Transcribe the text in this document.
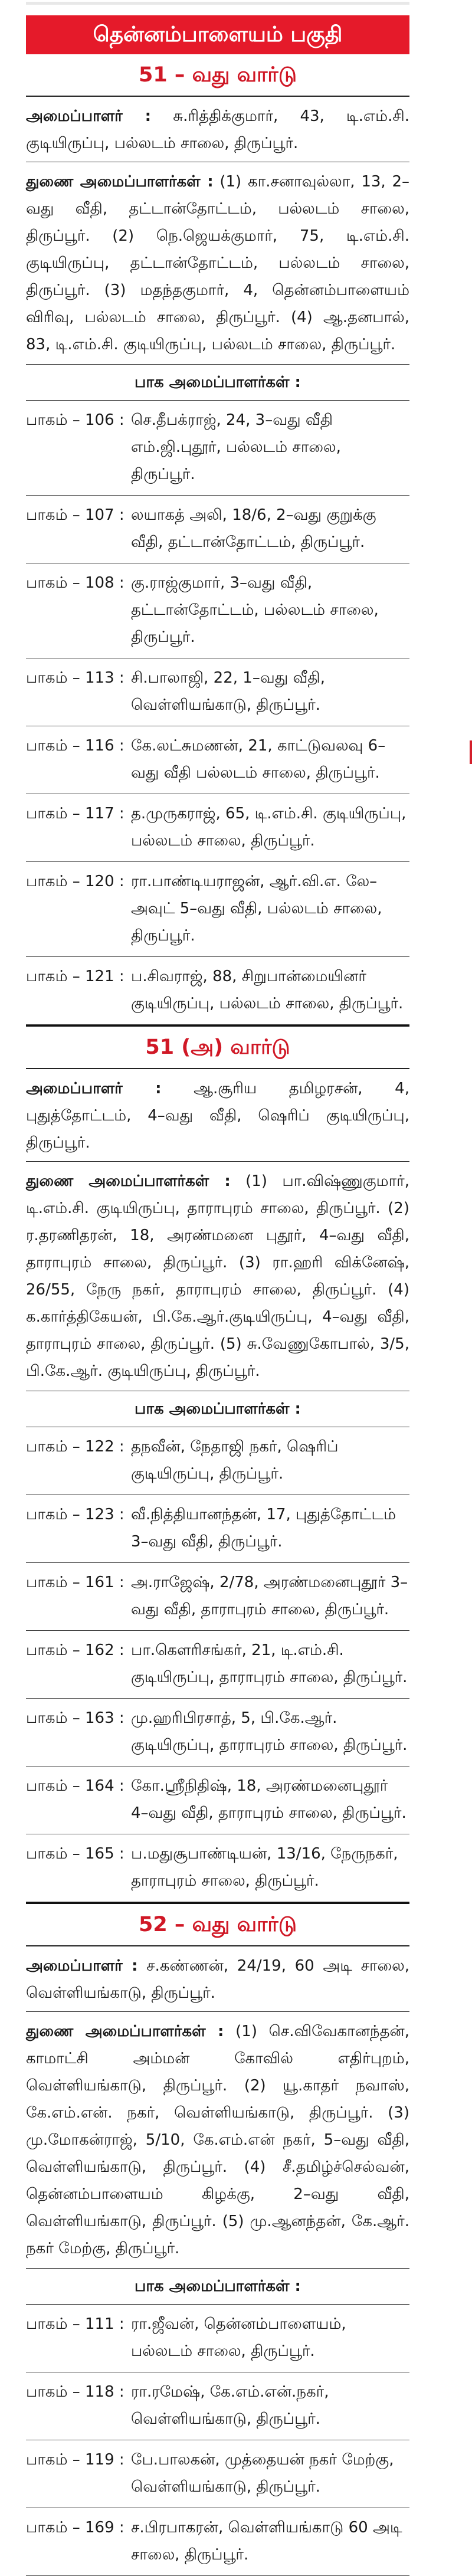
தென்னம்பாளையம் பகுதி
51 – வது வார்டு

அமைப்பாளர் : சு.ரித்திக்குமார், 43, டி.எம்.சி. குடியிருப்பு, பல்லடம் சாலை, திருப்பூர்.

துணை அமைப்பாளர்கள் : (1) கா.சனாவுல்லா, 13, 2–வது வீதி, தட்டான்தோட்டம், பல்லடம் சாலை, திருப்பூர். (2) நெ.ஜெயக்குமார், 75, டி.எம்.சி. குடியிருப்பு, தட்டான்தோட்டம், பல்லடம் சாலை, திருப்பூர். (3) மதந்தகுமார், 4, தென்னம்பாளையம் விரிவு, பல்லடம் சாலை, திருப்பூர். (4) ஆ.தனபால், 83, டி.எம்.சி. குடியிருப்பு, பல்லடம் சாலை, திருப்பூர்.

பாக அமைப்பாளர்கள் :
பாகம் – 106 : செ.தீபக்ராஜ், 24, 3–வது வீதி எம்.ஜி.புதூர், பல்லடம் சாலை, திருப்பூர்.
பாகம் – 107 : லயாகத் அலி, 18/6, 2–வது குறுக்கு வீதி, தட்டான்தோட்டம், திருப்பூர்.
பாகம் – 108 : கு.ராஜ்குமார், 3–வது வீதி, தட்டான்தோட்டம், பல்லடம் சாலை, திருப்பூர்.
பாகம் – 113 : சி.பாலாஜி, 22, 1–வது வீதி, வெள்ளியங்காடு, திருப்பூர்.
பாகம் – 116 : கே.லட்சுமணன், 21, காட்டுவலவு 6–வது வீதி பல்லடம் சாலை, திருப்பூர்.
பாகம் – 117 : த.முருகராஜ், 65, டி.எம்.சி. குடியிருப்பு, பல்லடம் சாலை, திருப்பூர்.
பாகம் – 120 : ரா.பாண்டியராஜன், ஆர்.வி.எ. லே–அவுட் 5–வது வீதி, பல்லடம் சாலை, திருப்பூர்.
பாகம் – 121 : ப.சிவராஜ், 88, சிறுபான்மையினர் குடியிருப்பு, பல்லடம் சாலை, திருப்பூர்.
51 (அ) வார்டு

அமைப்பாளர் : ஆ.சூரிய தமிழரசன், 4, புதுத்தோட்டம், 4–வது வீதி, ஷெரிப் குடியிருப்பு, திருப்பூர்.

துணை அமைப்பாளர்கள் : (1) பா.விஷ்ணுகுமார், டி.எம்.சி. குடியிருப்பு, தாராபுரம் சாலை, திருப்பூர். (2) ர.தரணிதரன், 18, அரண்மனை புதூர், 4–வது வீதி, தாராபுரம் சாலை, திருப்பூர். (3) ரா.ஹரி விக்னேஷ், 26/55, நேரு நகர், தாராபுரம் சாலை, திருப்பூர். (4) க.கார்த்திகேயன், பி.கே.ஆர்.குடியிருப்பு, 4–வது வீதி, தாராபுரம் சாலை, திருப்பூர். (5) சு.வேணுகோபால், 3/5, பி.கே.ஆர். குடியிருப்பு, திருப்பூர்.

பாக அமைப்பாளர்கள் :
பாகம் – 122 : தநவீன், நேதாஜி நகர், ஷெரிப் குடியிருப்பு, திருப்பூர்.
பாகம் – 123 : வீ.நித்தியானந்தன், 17, புதுத்தோட்டம் 3–வது வீதி, திருப்பூர்.
பாகம் – 161 : அ.ராஜேஷ், 2/78, அரண்மனைபுதூர் 3–வது வீதி, தாராபுரம் சாலை, திருப்பூர்.
பாகம் – 162 : பா.கௌரிசங்கர், 21, டி.எம்.சி. குடியிருப்பு, தாராபுரம் சாலை, திருப்பூர்.
பாகம் – 163 : மு.ஹரிபிரசாத், 5, பி.கே.ஆர். குடியிருப்பு, தாராபுரம் சாலை, திருப்பூர்.
பாகம் – 164 : கோ.ஸ்ரீநிதிஷ், 18, அரண்மனைபுதூர் 4–வது வீதி, தாராபுரம் சாலை, திருப்பூர்.
பாகம் – 165 : ப.மதுசூபாண்டியன், 13/16, நேருநகர், தாராபுரம் சாலை, திருப்பூர்.
52 – வது வார்டு

அமைப்பாளர் : ச.கண்ணன், 24/19, 60 அடி சாலை, வெள்ளியங்காடு, திருப்பூர்.

துணை அமைப்பாளர்கள் : (1) செ.விவேகானந்தன், காமாட்சி அம்மன் கோவில் எதிர்புறம், வெள்ளியங்காடு, திருப்பூர். (2) யூ.காதர் நவாஸ், கே.எம்.என். நகர், வெள்ளியங்காடு, திருப்பூர். (3) மு.மோகன்ராஜ், 5/10, கே.எம்.என் நகர், 5–வது வீதி, வெள்ளியங்காடு, திருப்பூர். (4) சீ.தமிழ்ச்செல்வன், தென்னம்பாளையம் கிழக்கு, 2–வது வீதி, வெள்ளியங்காடு, திருப்பூர். (5) மு.ஆனந்தன், கே.ஆர். நகர் மேற்கு, திருப்பூர்.

பாக அமைப்பாளர்கள் :
பாகம் – 111 : ரா.ஜீவன், தென்னம்பாளையம், பல்லடம் சாலை, திருப்பூர்.
பாகம் – 118 : ரா.ரமேஷ், கே.எம்.என்.நகர், வெள்ளியங்காடு, திருப்பூர்.
பாகம் – 119 : பே.பாலகன், முத்தையன் நகர் மேற்கு, வெள்ளியங்காடு, திருப்பூர்.
பாகம் – 169 : ச.பிரபாகரன், வெள்ளியங்காடு 60 அடி சாலை, திருப்பூர்.
